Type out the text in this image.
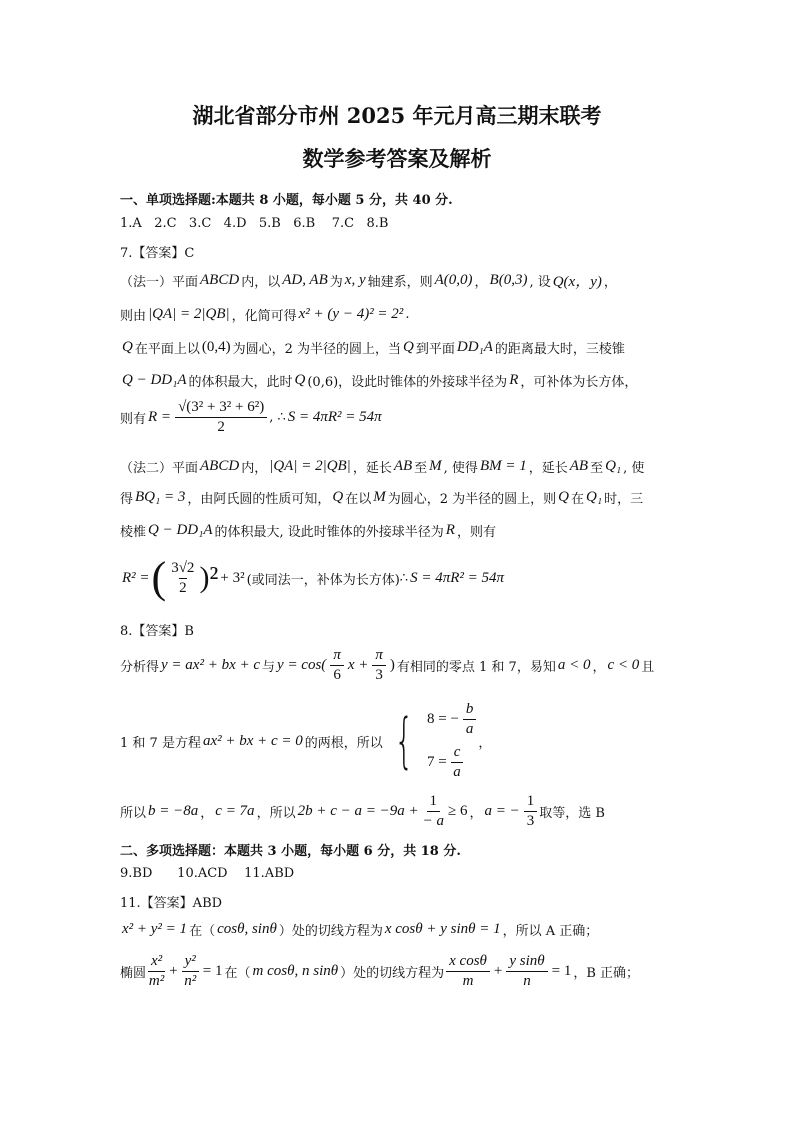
湖北省部分市州 2025 年元月高三期末联考
数学参考答案及解析
一、单项选择题:本题共 8 小题，每小题 5 分，共 40 分.
1.A   2.C   3.C   4.D   5.B   6.B    7.C   8.B
7.【答案】C
（法一）平面 ABCD 内，以 AD, AB 为 x, y 轴建系，则 A(0,0) ， B(0,3) , 设 Q(x，y) ，
则由 |QA| = 2|QB| ，化简可得 x² + (y − 4)² = 2² .
Q 在平面上以 (0,4) 为圆心，2 为半径的圆上，当 Q 到平面 DD₁A 的距离最大时，三棱锥
Q − DD₁A 的体积最大，此时 Q (0,6)，设此时锥体的外接球半径为 R ，可补体为长方体，
则有 $R = \frac{\text{√(3² + 3² + 6²)}}{2}$ , ∴ S = 4πR² = 54π
（法二）平面 ABCD 内， |QA| = 2|QB| ，延长 AB 至 M , 使得 BM = 1 ，延长 AB 至 Q₁ , 使
得 BQ₁ = 3 ，由阿氏圆的性质可知， Q 在以 M 为圆心，2 为半径的圆上，则 Q 在 Q₁ 时，三
棱椎 Q − DD₁A 的体积最大, 设此时锥体的外接球半径为 R ，则有
R² = ( $\frac{3√2}{2} )^2 + 3^2$ (或同法一，补体为长方体) ∴ S = 4πR² = 54π
8.【答案】B
分析得 y = ax² + bx + c 与 $y = \cos( \frac{\pi}{6}$ $x + \frac{\pi}{3}$ ) 有相同的零点 1 和 7，易知 a < 0 ， c < 0 且
1 和 7 是方程 ax² + bx + c = 0 的两根，所以 { 8 = − $\frac{b}{a}$
$7 = \frac{c}{a}$ ，
所以 b = −8a ， c = 7a ，所以 $2b + c - a = -9a + \frac{1}{- a} \ge 6$ ， a = − $\frac{1}{3}$ 取等，选 B
二、多项选择题：本题共 3 小题，每小题 6 分，共 18 分.
9.BD      10.ACD    11.ABD
11.【答案】ABD
x² + y² = 1 在（ cosθ, sinθ ）处的切线方程为 x cosθ + y sinθ = 1 ，所以 A 正确；
椭圆 $\frac{\text{x²}}{\text{m²}} + \frac{\text{y²}}{\text{n²}} = 1$ 在（ m cosθ, n sinθ ）处的切线方程为 $\frac{\text{x cosθ}}{m} + \frac{\text{y sinθ}}{n} = 1$ ，B 正确；
